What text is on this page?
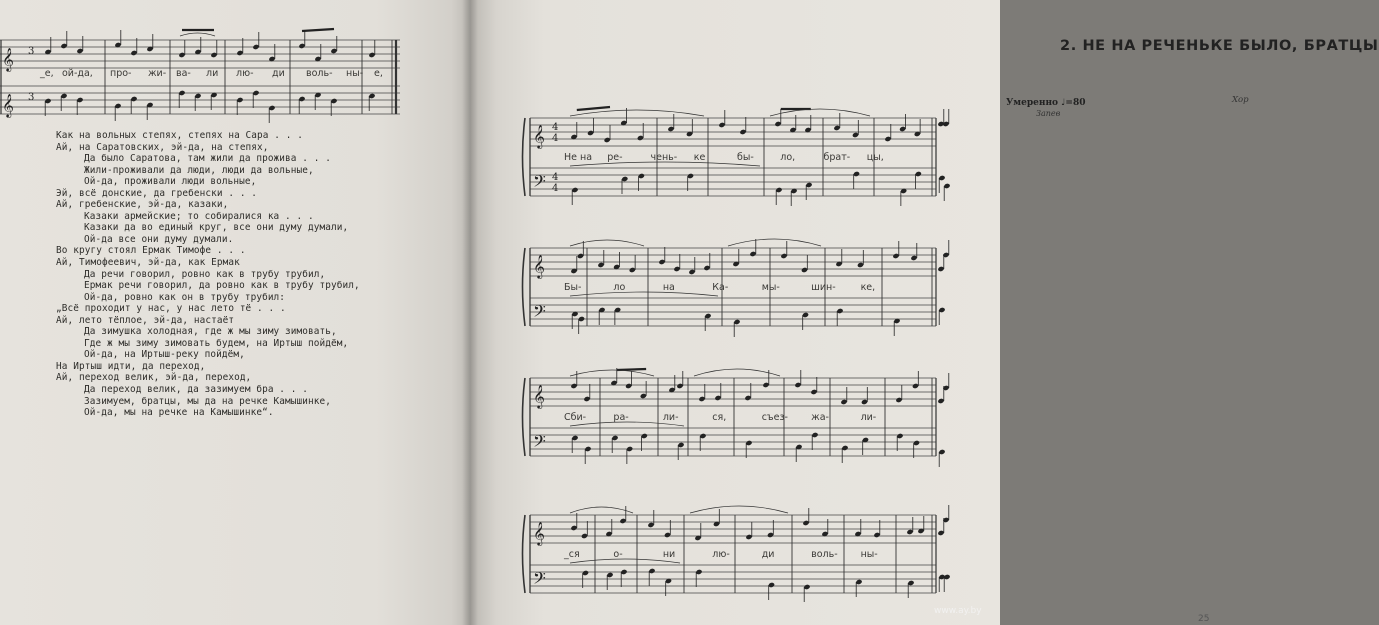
𝄞
𝄞
3
3
_е, ой-да, про- жи- ва- ли лю- ди воль- ны- е,
Как на вольных степях, степях на Сара . . .
Ай, на Саратовских, эй-да, на степях,
Да было Саратова, там жили да прожива . . .
Жили-проживали да люди, люди да вольные,
Ой-да, проживали люди вольные,
Эй, всё донские, да гребенски . . .
Ай, гребенские, эй-да, казаки,
Казаки армейские; то собиралися ка . . .
Казаки да во единый круг, все они думу думали,
Ой-да все они думу думали.
Во кругу стоял Ермак Тимофе . . .
Ай, Тимофеевич, эй-да, как Ермак
Да речи говорил, ровно как в трубу трубил,
Ермак речи говорил, да ровно как в трубу трубил,
Ой-да, ровно как он в трубу трубил:
„Всё проходит у нас, у нас лето тё . . .
Ай, лето тёплое, эй-да, настаёт
Да зимушка холодная, где ж мы зиму зимовать,
Где ж мы зиму зимовать будем, на Иртыш пойдём,
Ой-да, на Иртыш-реку пойдём,
На Иртыш идти, да переход,
Ай, переход велик, эй-да, переход,
Да переход велик, да зазимуем бра . . .
Зазимуем, братцы, мы да на речке Камышинке,
Ой-да, мы на речке на Камышинке“.
𝄞
𝄢
4
4
4
4
Не на ре-	чень- ке	бы-	ло,	брат- цы,
𝄞
𝄢
Бы-	ло	на	Ка-	мы-	шин-	ке,
𝄞
𝄢
Сби-	ра-	ли-	ся,	съез- жа-	ли-
𝄞
𝄢
_ся	о-	ни	лю-	ди	воль- ны-
2. НЕ НА РЕЧЕНЬКЕ БЫЛО, БРАТЦЫ
Умеренно ♩=80
Запев
Хор
25
www.ay.by
